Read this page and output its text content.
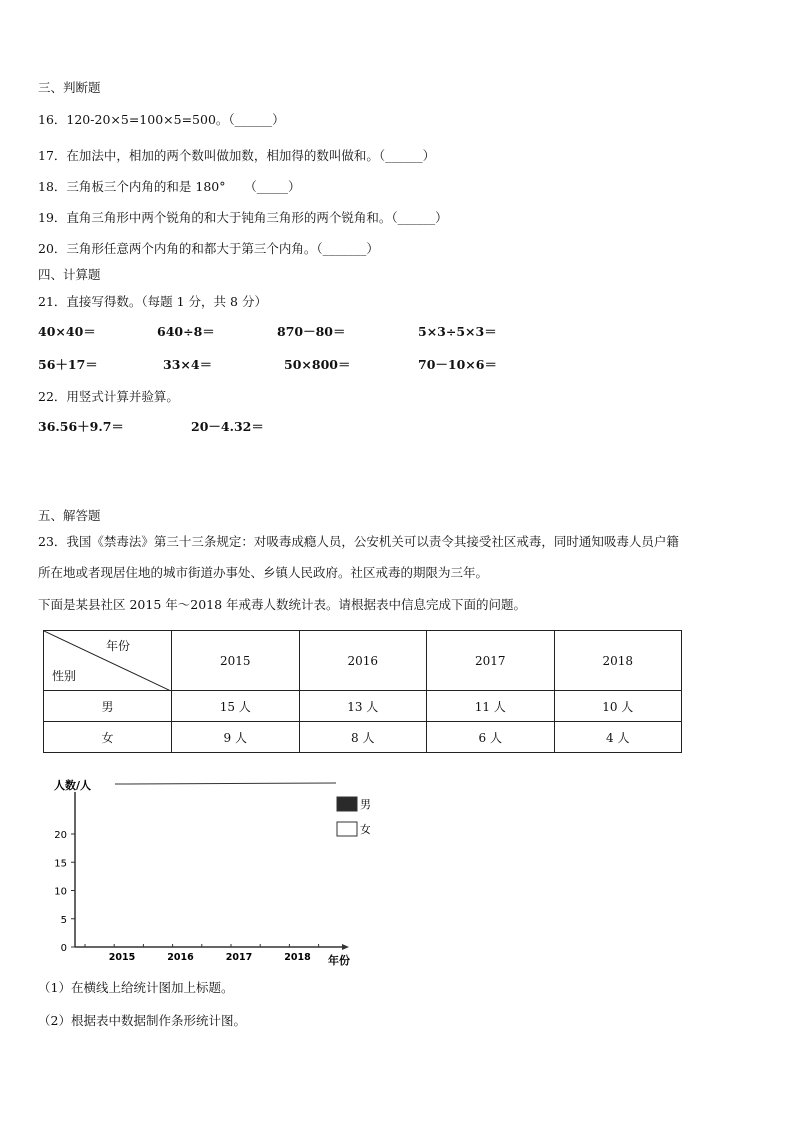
三、判断题
16．120-20×5=100×5=500。（______）
17．在加法中，相加的两个数叫做加数，相加得的数叫做和。（______）
18．三角板三个内角的和是 180°　　（_____）
19．直角三角形中两个锐角的和大于钝角三角形的两个锐角和。（______）
20．三角形任意两个内角的和都大于第三个内角。（_______）
四、计算题
21．直接写得数。（每题 1 分，共 8 分）
40×40＝	640÷8＝	870－80＝	5×3÷5×3＝
56＋17＝	33×4＝	50×800＝	70－10×6＝
22．用竖式计算并验算。
36.56＋9.7＝	20－4.32＝
五、解答题
23．我国《禁毒法》第三十三条规定：对吸毒成瘾人员，公安机关可以责令其接受社区戒毒，同时通知吸毒人员户籍
所在地或者现居住地的城市街道办事处、乡镇人民政府。社区戒毒的期限为三年。
下面是某县社区 2015 年～2018 年戒毒人数统计表。请根据表中信息完成下面的问题。
年份
性别	2015	2016	2017	2018
男	15 人	13 人	11 人	10 人
女	9 人	8 人	6 人	4 人
人数/人
年份
0
5
10
15
20
2015	2016	2017	2018
男
女
（1）在横线上给统计图加上标题。
（2）根据表中数据制作条形统计图。
